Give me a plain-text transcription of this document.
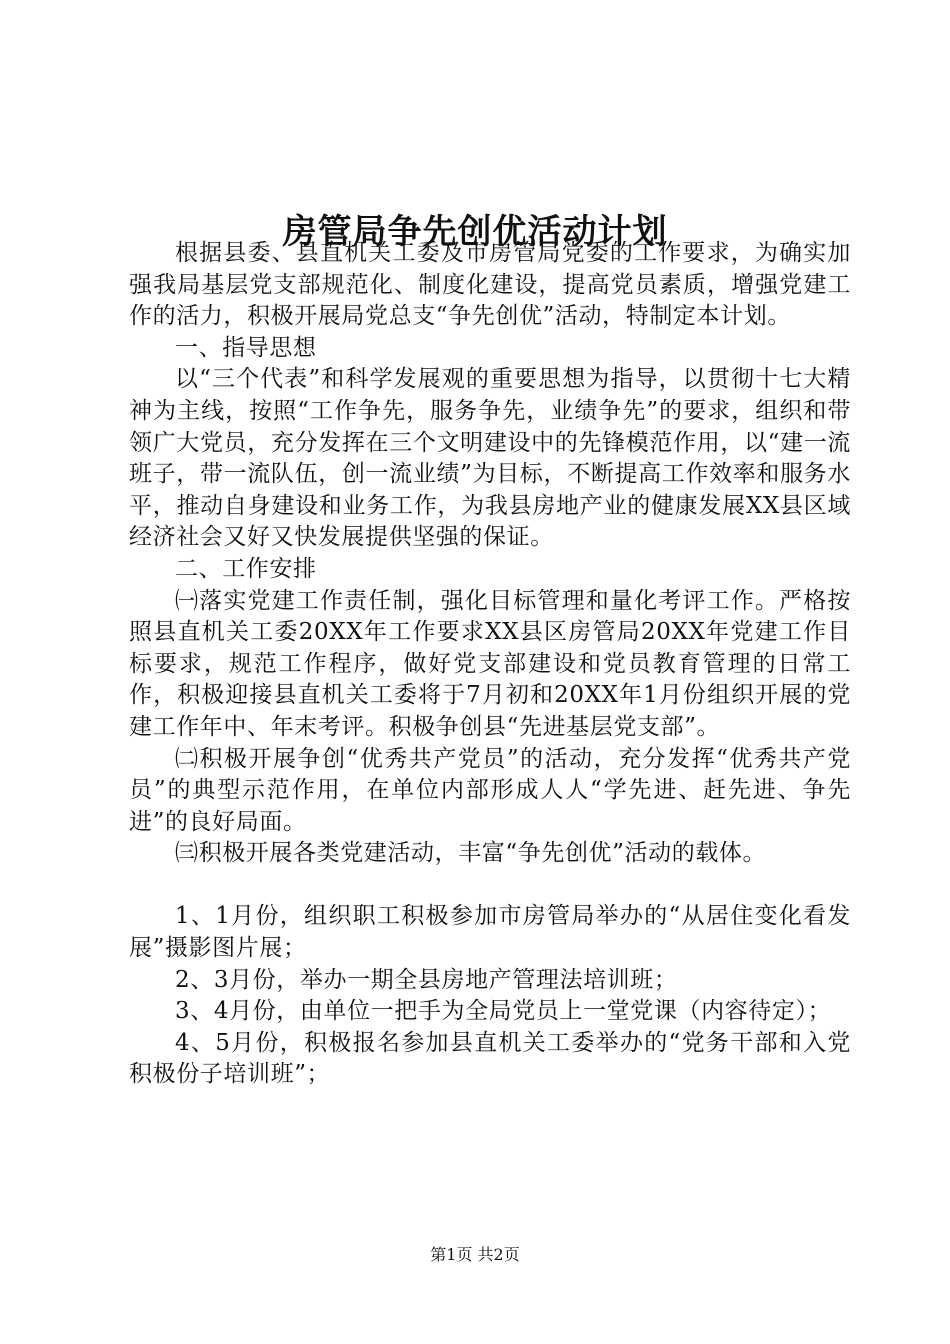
房管局争先创优活动计划

根据县委、县直机关工委及市房管局党委的工作要求，为确实加强我局基层党支部规范化、制度化建设，提高党员素质，增强党建工作的活力，积极开展局党总支“争先创优”活动，特制定本计划。

一、指导思想

以“三个代表”和科学发展观的重要思想为指导，以贯彻十七大精神为主线，按照“工作争先，服务争先，业绩争先”的要求，组织和带领广大党员，充分发挥在三个文明建设中的先锋模范作用，以“建一流班子，带一流队伍，创一流业绩”为目标，不断提高工作效率和服务水平，推动自身建设和业务工作，为我县房地产业的健康发展XX县区域经济社会又好又快发展提供坚强的保证。

二、工作安排

㈠落实党建工作责任制，强化目标管理和量化考评工作。严格按照县直机关工委20XX年工作要求XX县区房管局20XX年党建工作目标要求，规范工作程序，做好党支部建设和党员教育管理的日常工作，积极迎接县直机关工委将于7月初和20XX年1月份组织开展的党建工作年中、年末考评。积极争创县“先进基层党支部”。

㈡积极开展争创“优秀共产党员”的活动，充分发挥“优秀共产党员”的典型示范作用，在单位内部形成人人“学先进、赶先进、争先进”的良好局面。

㈢积极开展各类党建活动，丰富“争先创优”活动的载体。

1、1月份，组织职工积极参加市房管局举办的“从居住变化看发展”摄影图片展；

2、3月份，举办一期全县房地产管理法培训班；

3、4月份，由单位一把手为全局党员上一堂党课（内容待定）；

4、5月份，积极报名参加县直机关工委举办的“党务干部和入党积极份子培训班”；

第1页 共2页
